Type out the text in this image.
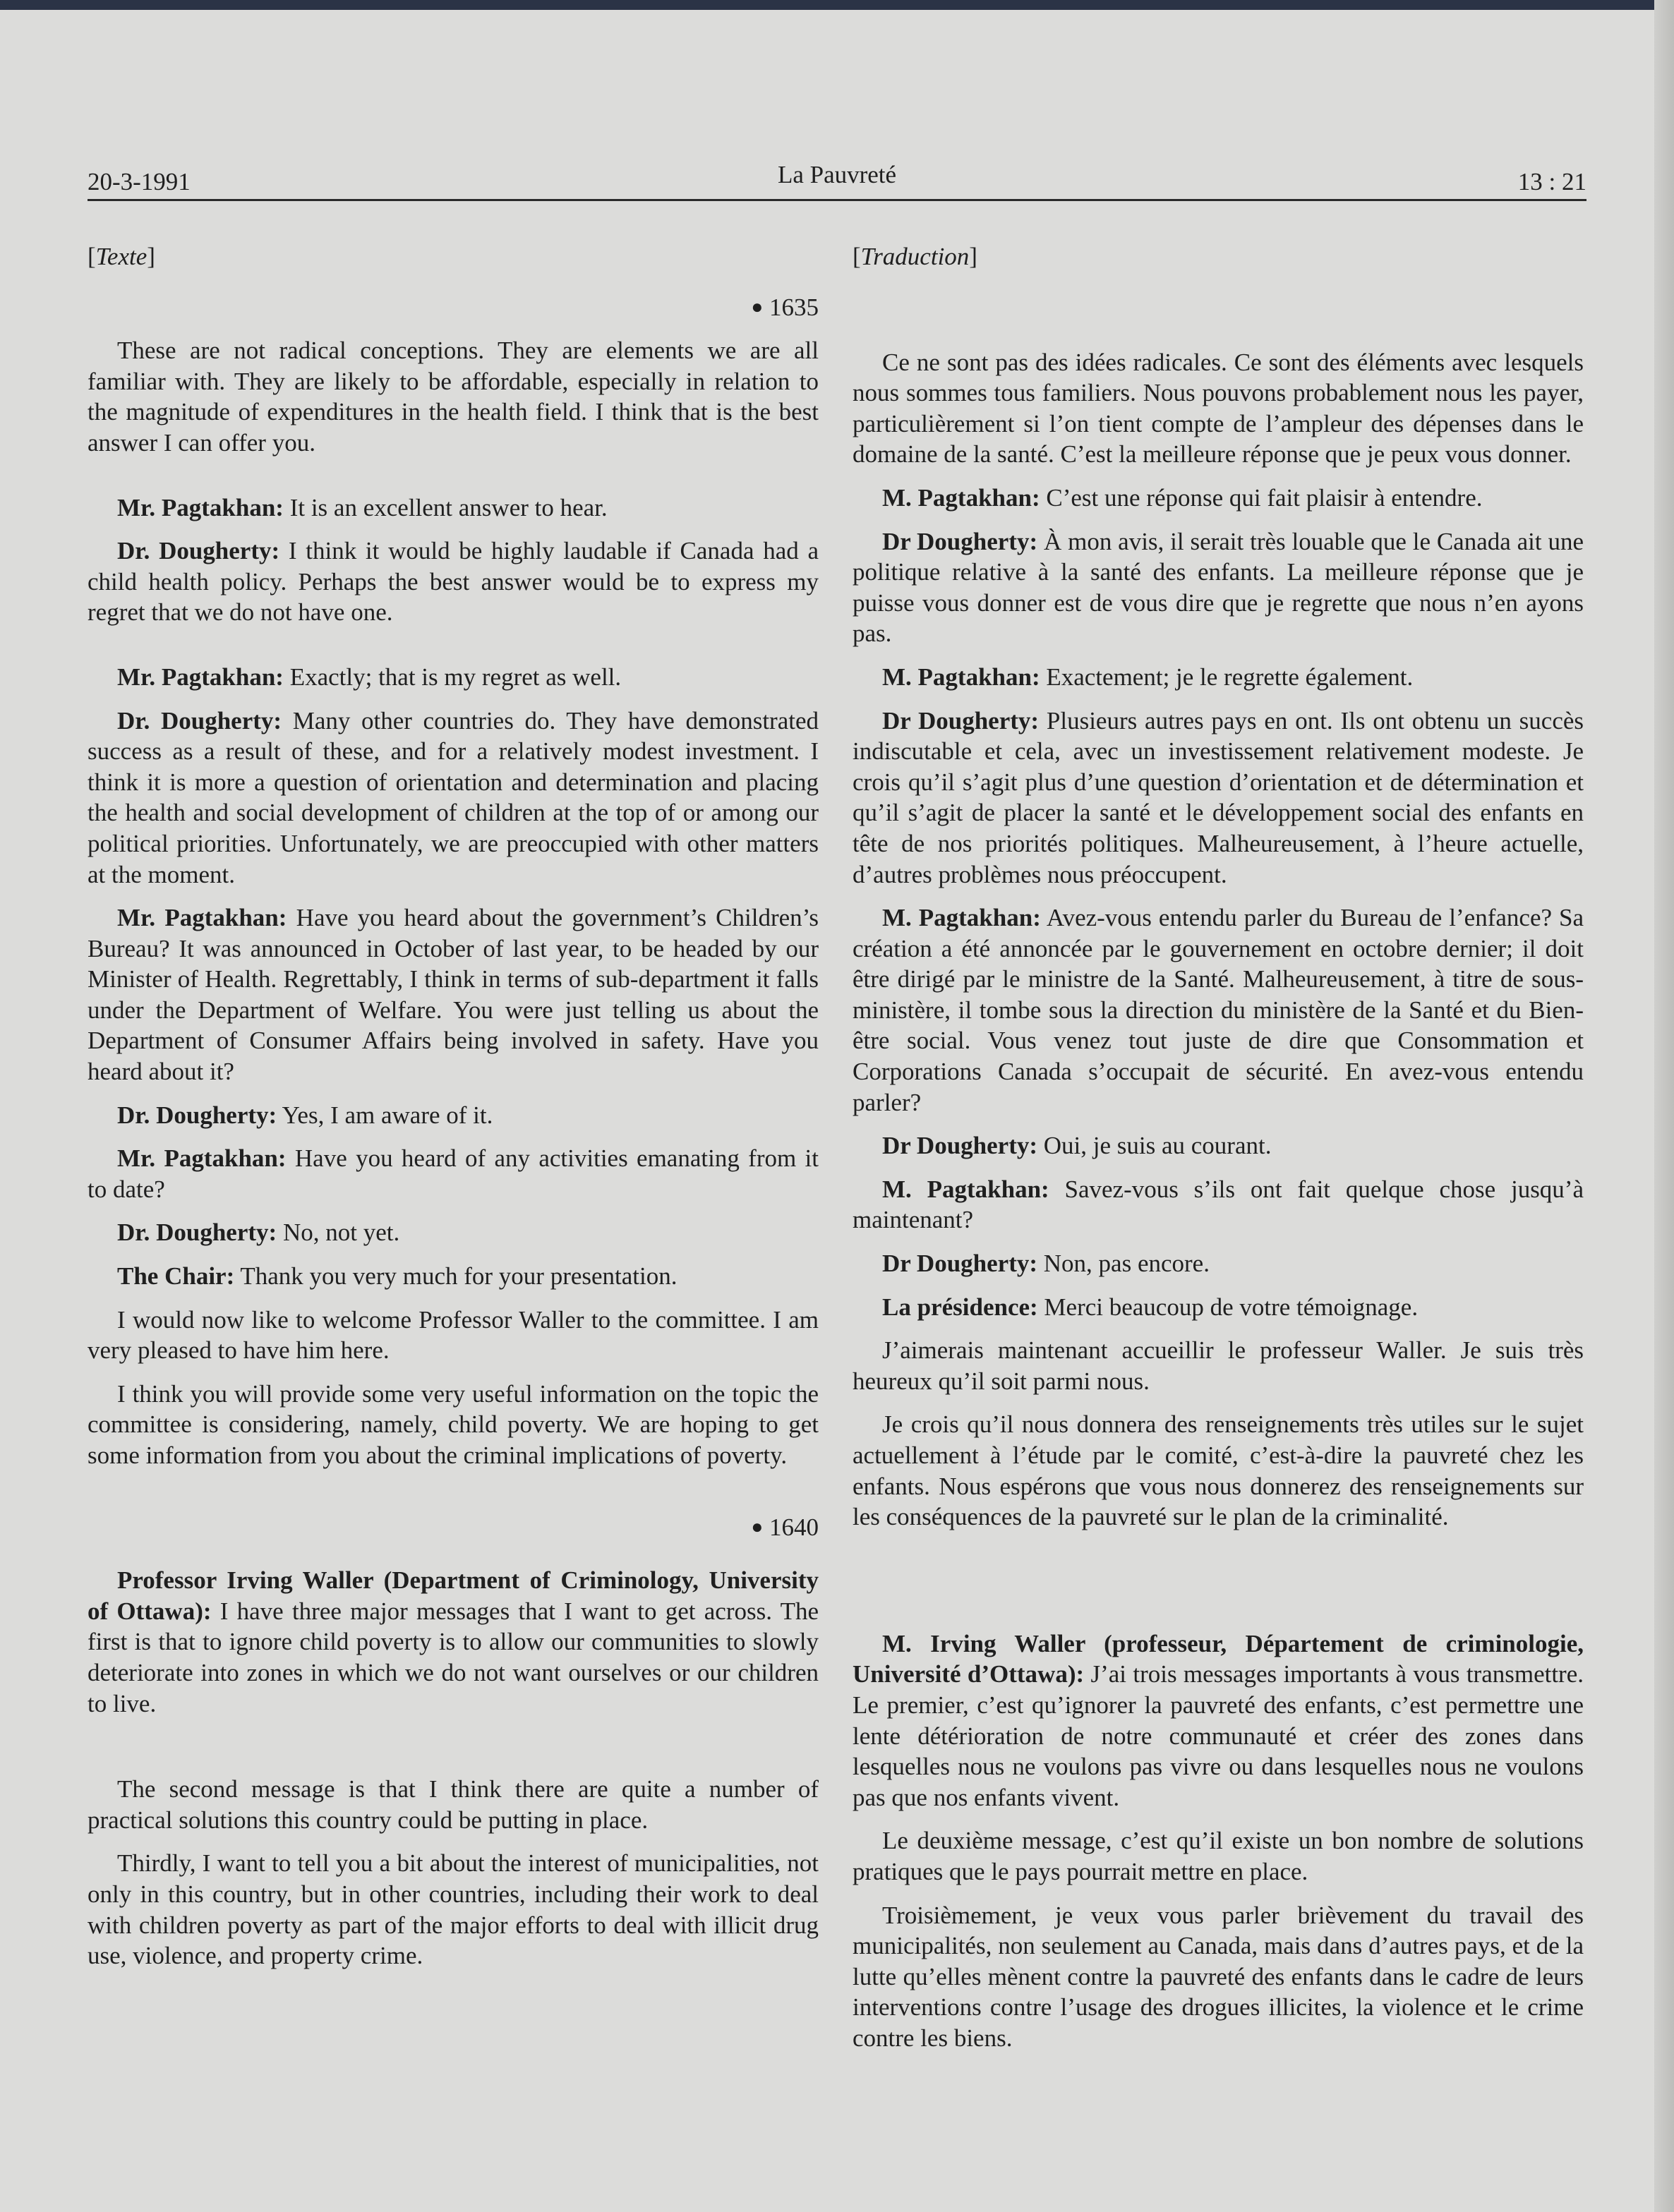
20-3-1991	La Pauvreté	13 : 21
[Texte]
● 1635

These are not radical conceptions. They are elements we are all familiar with. They are likely to be affordable, especially in relation to the magnitude of expenditures in the health field. I think that is the best answer I can offer you.

Mr. Pagtakhan: It is an excellent answer to hear.

Dr. Dougherty: I think it would be highly laudable if Canada had a child health policy. Perhaps the best answer would be to express my regret that we do not have one.

Mr. Pagtakhan: Exactly; that is my regret as well.

Dr. Dougherty: Many other countries do. They have demonstrated success as a result of these, and for a relatively modest investment. I think it is more a question of orientation and determination and placing the health and social development of children at the top of or among our political priorities. Unfortunately, we are preoccupied with other matters at the moment.

Mr. Pagtakhan: Have you heard about the government’s Children’s Bureau? It was announced in October of last year, to be headed by our Minister of Health. Regrettably, I think in terms of sub-department it falls under the Department of Welfare. You were just telling us about the Department of Consumer Affairs being involved in safety. Have you heard about it?

Dr. Dougherty: Yes, I am aware of it.

Mr. Pagtakhan: Have you heard of any activities emanating from it to date?

Dr. Dougherty: No, not yet.

The Chair: Thank you very much for your presentation.

I would now like to welcome Professor Waller to the committee. I am very pleased to have him here.

I think you will provide some very useful information on the topic the committee is considering, namely, child poverty. We are hoping to get some information from you about the criminal implications of poverty.

● 1640

Professor Irving Waller (Department of Criminology, University of Ottawa): I have three major messages that I want to get across. The first is that to ignore child poverty is to allow our communities to slowly deteriorate into zones in which we do not want ourselves or our children to live.

The second message is that I think there are quite a number of practical solutions this country could be putting in place.

Thirdly, I want to tell you a bit about the interest of municipalities, not only in this country, but in other countries, including their work to deal with children poverty as part of the major efforts to deal with illicit drug use, violence, and property crime.

[Traduction]

Ce ne sont pas des idées radicales. Ce sont des éléments avec lesquels nous sommes tous familiers. Nous pouvons probablement nous les payer, particulièrement si l’on tient compte de l’ampleur des dépenses dans le domaine de la santé. C’est la meilleure réponse que je peux vous donner.

M. Pagtakhan: C’est une réponse qui fait plaisir à entendre.

Dr Dougherty: À mon avis, il serait très louable que le Canada ait une politique relative à la santé des enfants. La meilleure réponse que je puisse vous donner est de vous dire que je regrette que nous n’en ayons pas.

M. Pagtakhan: Exactement; je le regrette également.

Dr Dougherty: Plusieurs autres pays en ont. Ils ont obtenu un succès indiscutable et cela, avec un investissement relativement modeste. Je crois qu’il s’agit plus d’une question d’orientation et de détermination et qu’il s’agit de placer la santé et le développement social des enfants en tête de nos priorités politiques. Malheureusement, à l’heure actuelle, d’autres problèmes nous préoccupent.

M. Pagtakhan: Avez-vous entendu parler du Bureau de l’enfance? Sa création a été annoncée par le gouvernement en octobre dernier; il doit être dirigé par le ministre de la Santé. Malheureusement, à titre de sous-ministère, il tombe sous la direction du ministère de la Santé et du Bien-être social. Vous venez tout juste de dire que Consommation et Corporations Canada s’occupait de sécurité. En avez-vous entendu parler?

Dr Dougherty: Oui, je suis au courant.

M. Pagtakhan: Savez-vous s’ils ont fait quelque chose jusqu’à maintenant?

Dr Dougherty: Non, pas encore.

La présidence: Merci beaucoup de votre témoignage.

J’aimerais maintenant accueillir le professeur Waller. Je suis très heureux qu’il soit parmi nous.

Je crois qu’il nous donnera des renseignements très utiles sur le sujet actuellement à l’étude par le comité, c’est-à-dire la pauvreté chez les enfants. Nous espérons que vous nous donnerez des renseignements sur les conséquences de la pauvreté sur le plan de la criminalité.

M. Irving Waller (professeur, Département de criminologie, Université d’Ottawa): J’ai trois messages importants à vous transmettre. Le premier, c’est qu’ignorer la pauvreté des enfants, c’est permettre une lente détérioration de notre communauté et créer des zones dans lesquelles nous ne voulons pas vivre ou dans lesquelles nous ne voulons pas que nos enfants vivent.

Le deuxième message, c’est qu’il existe un bon nombre de solutions pratiques que le pays pourrait mettre en place.

Troisièmement, je veux vous parler brièvement du travail des municipalités, non seulement au Canada, mais dans d’autres pays, et de la lutte qu’elles mènent contre la pauvreté des enfants dans le cadre de leurs interventions contre l’usage des drogues illicites, la violence et le crime contre les biens.
